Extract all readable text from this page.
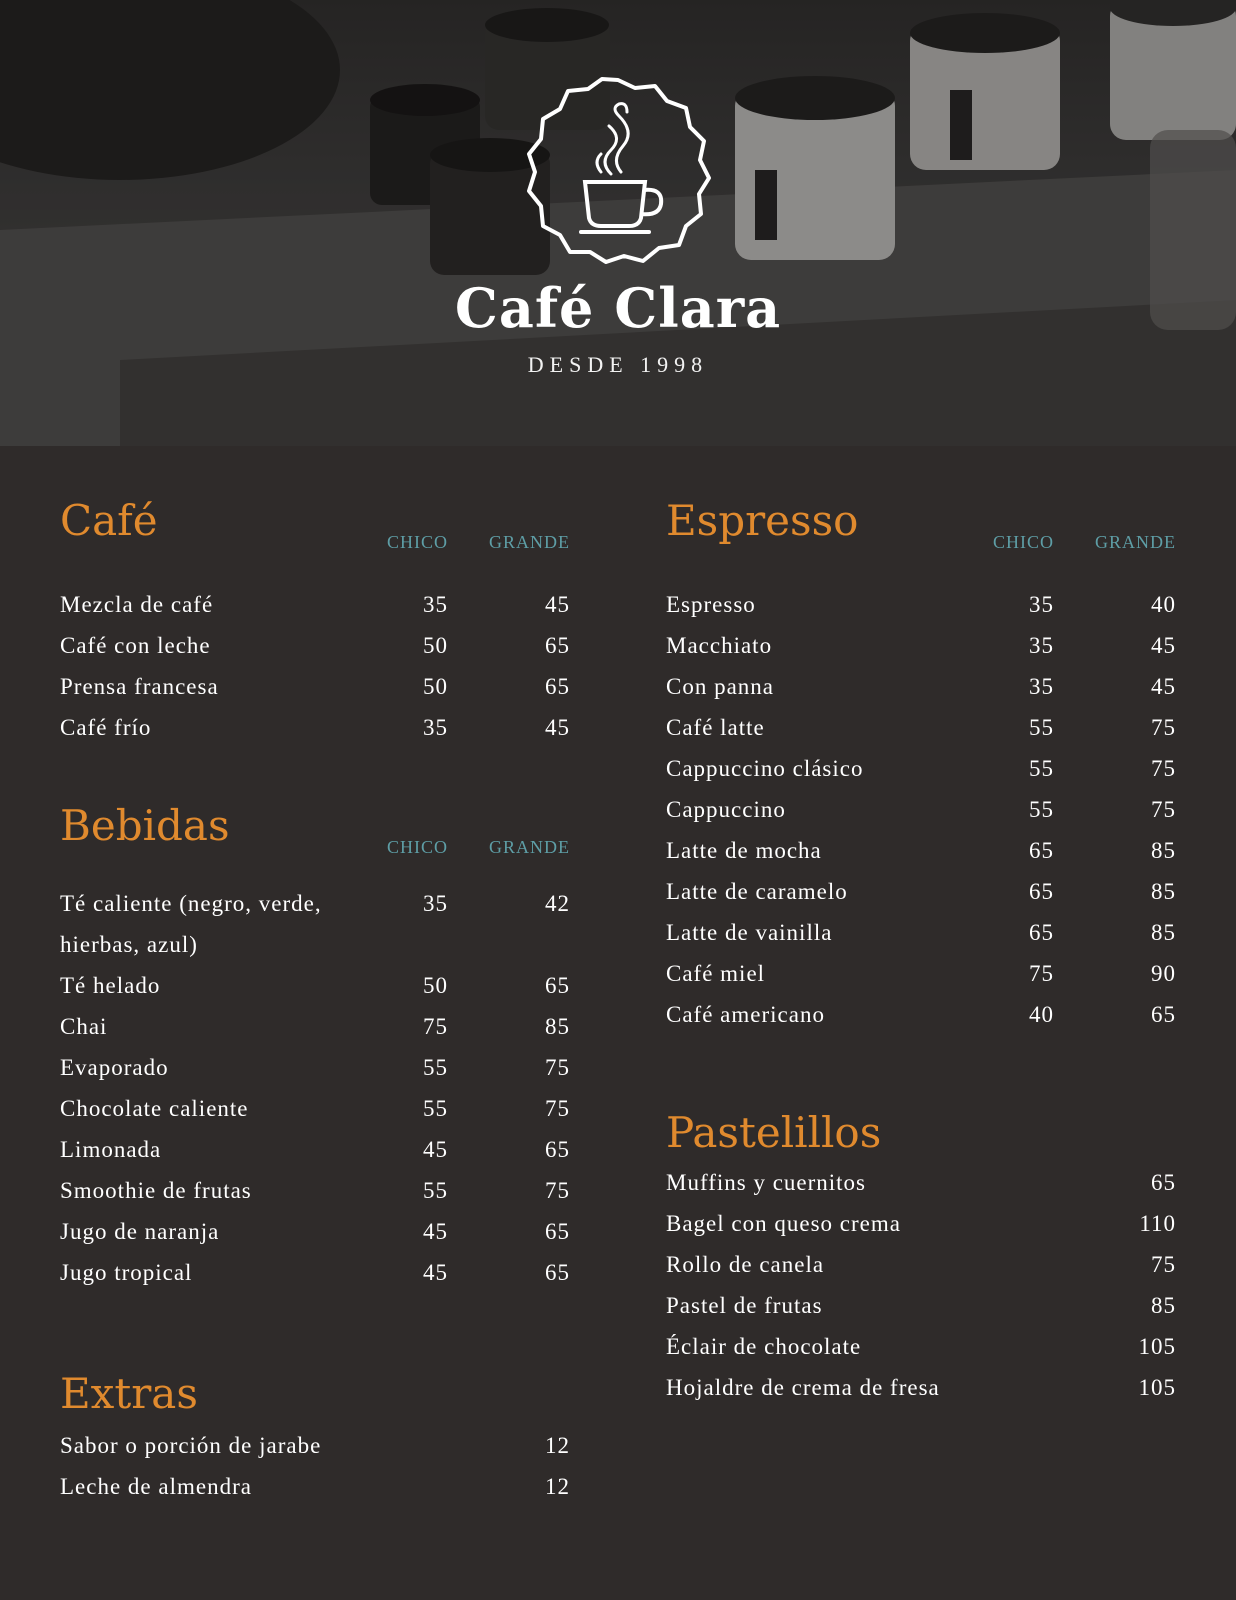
Café Clara
DESDE 1998
Café	CHICO GRANDE
Mezcla de café	35	45
Café con leche	50	65
Prensa francesa	50	65
Café frío	35	45
Bebidas	CHICO GRANDE
Té caliente (negro, verde, hierbas, azul)
35	42
Té helado	50	65
Chai	75	85
Evaporado	55	75
Chocolate caliente	55	75
Limonada	45	65
Smoothie de frutas	55	75
Jugo de naranja	45	65
Jugo tropical	45	65
Extras
Sabor o porción de jarabe	12
Leche de almendra	12
Espresso	CHICO GRANDE
Espresso	35	40
Macchiato	35	45
Con panna	35	45
Café latte	55	75
Cappuccino clásico	55	75
Cappuccino	55	75
Latte de mocha	65	85
Latte de caramelo	65	85
Latte de vainilla	65	85
Café miel	75	90
Café americano	40	65
Pastelillos
Muffins y cuernitos	65
Bagel con queso crema	110
Rollo de canela	75
Pastel de frutas	85
Éclair de chocolate	105
Hojaldre de crema de fresa	105
